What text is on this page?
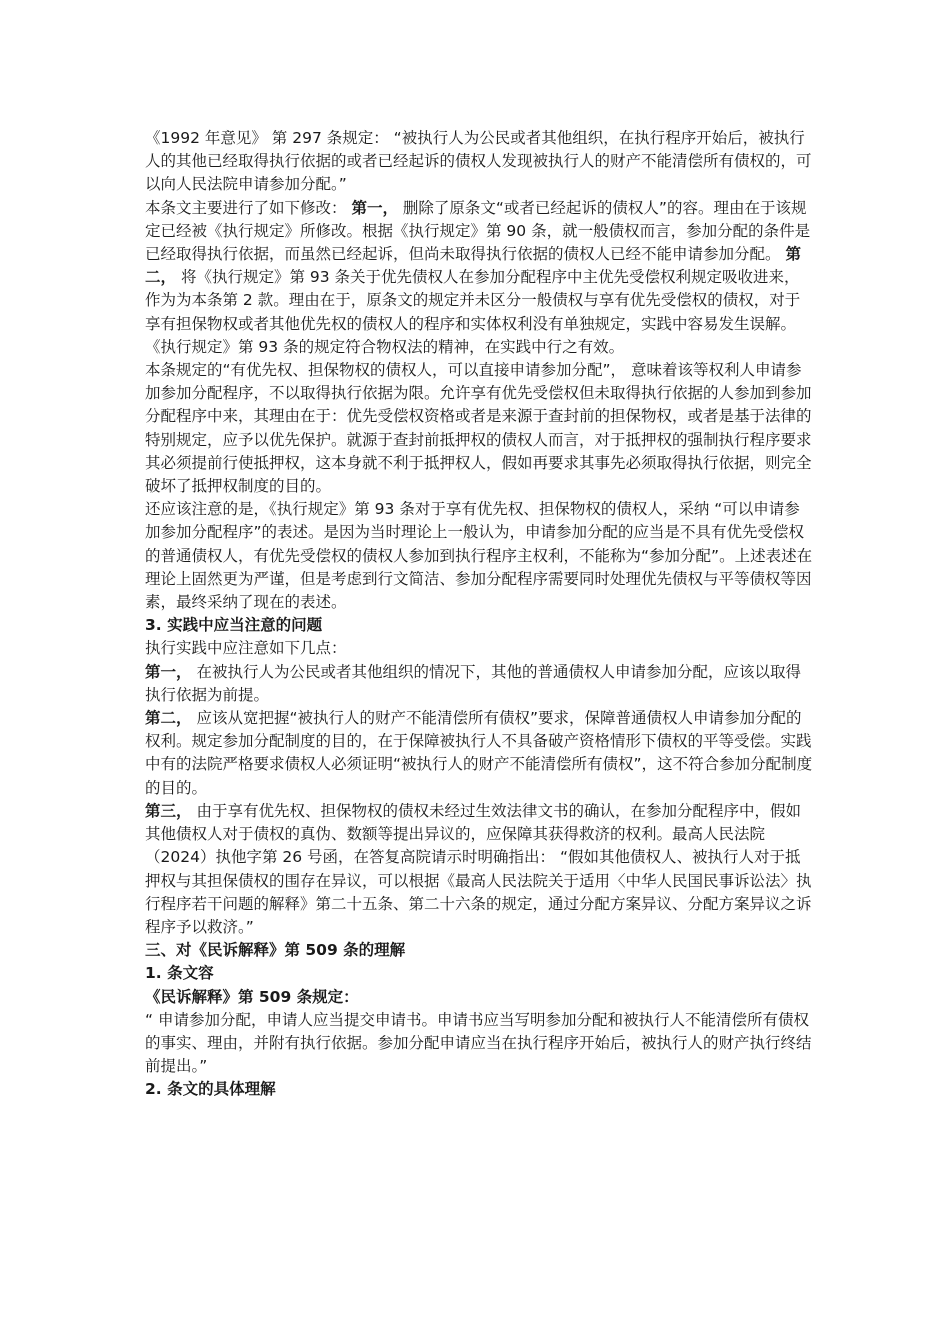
《1992 年意见》 第 297 条规定： “被执行人为公民或者其他组织，在执行程序开始后，被执行人的其他已经取得执行依据的或者已经起诉的债权人发现被执行人的财产不能清偿所有债权的，可以向人民法院申请参加分配。”

本条文主要进行了如下修改： 第一， 删除了原条文“或者已经起诉的债权人”的容。理由在于该规定已经被《执行规定》所修改。根据《执行规定》第 90 条，就一般债权而言，参加分配的条件是已经取得执行依据，而虽然已经起诉，但尚未取得执行依据的债权人已经不能申请参加分配。 第二， 将《执行规定》第 93 条关于优先债权人在参加分配程序中主优先受偿权利规定吸收进来，作为为本条第 2 款。理由在于，原条文的规定并未区分一般债权与享有优先受偿权的债权，对于享有担保物权或者其他优先权的债权人的程序和实体权利没有单独规定，实践中容易发生误解。《执行规定》第 93 条的规定符合物权法的精神，在实践中行之有效。

本条规定的“有优先权、担保物权的债权人，可以直接申请参加分配”， 意味着该等权利人申请参加参加分配程序，不以取得执行依据为限。允许享有优先受偿权但未取得执行依据的人参加到参加分配程序中来，其理由在于：优先受偿权资格或者是来源于查封前的担保物权，或者是基于法律的特别规定，应予以优先保护。就源于查封前抵押权的债权人而言，对于抵押权的强制执行程序要求其必须提前行使抵押权，这本身就不利于抵押权人，假如再要求其事先必须取得执行依据，则完全破坏了抵押权制度的目的。

还应该注意的是，《执行规定》第 93 条对于享有优先权、担保物权的债权人，采纳 “可以申请参加参加分配程序”的表述。是因为当时理论上一般认为，申请参加分配的应当是不具有优先受偿权的普通债权人，有优先受偿权的债权人参加到执行程序主权利，不能称为“参加分配”。上述表述在理论上固然更为严谨，但是考虑到行文简洁、参加分配程序需要同时处理优先债权与平等债权等因素，最终采纳了现在的表述。

3. 实践中应当注意的问题

执行实践中应注意如下几点：

第一， 在被执行人为公民或者其他组织的情况下，其他的普通债权人申请参加分配，应该以取得执行依据为前提。

第二， 应该从宽把握“被执行人的财产不能清偿所有债权”要求，保障普通债权人申请参加分配的权利。规定参加分配制度的目的，在于保障被执行人不具备破产资格情形下债权的平等受偿。实践中有的法院严格要求债权人必须证明“被执行人的财产不能清偿所有债权”，这不符合参加分配制度的目的。

第三， 由于享有优先权、担保物权的债权未经过生效法律文书的确认，在参加分配程序中，假如其他债权人对于债权的真伪、数额等提出异议的，应保障其获得救济的权利。最高人民法院（2024）执他字第 26 号函，在答复高院请示时明确指出： “假如其他债权人、被执行人对于抵押权与其担保债权的围存在异议，可以根据《最高人民法院关于适用〈中华人民国民事诉讼法〉执行程序若干问题的解释》第二十五条、第二十六条的规定，通过分配方案异议、分配方案异议之诉程序予以救济。”

三、对《民诉解释》第 509 条的理解

1. 条文容

《民诉解释》第 509 条规定：

“ 申请参加分配，申请人应当提交申请书。申请书应当写明参加分配和被执行人不能清偿所有债权的事实、理由，并附有执行依据。参加分配申请应当在执行程序开始后，被执行人的财产执行终结前提出。”

2. 条文的具体理解
